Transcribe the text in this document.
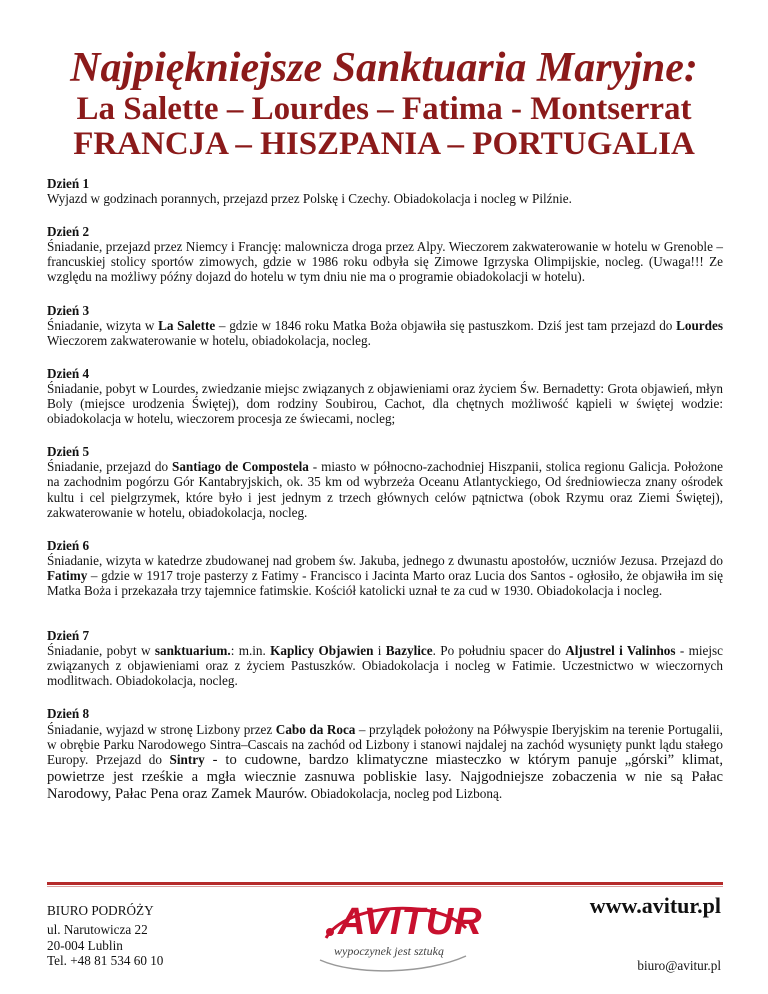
Najpiękniejsze Sanktuaria Maryjne:
La Salette – Lourdes – Fatima - Montserrat
FRANCJA – HISZPANIA – PORTUGALIA
Dzień 1

Wyjazd w godzinach porannych, przejazd przez Polskę i Czechy. Obiadokolacja i nocleg w Pilźnie.

Dzień 2

Śniadanie, przejazd przez Niemcy i Francję: malownicza droga przez Alpy. Wieczorem zakwaterowanie w hotelu w Grenoble – francuskiej stolicy sportów zimowych, gdzie w 1986 roku odbyła się Zimowe Igrzyska Olimpijskie, nocleg. (Uwaga!!! Ze względu na możliwy późny dojazd do hotelu w tym dniu nie ma o programie obiadokolacji w hotelu).

Dzień 3

Śniadanie, wizyta w La Salette – gdzie w 1846 roku Matka Boża objawiła się pastuszkom. Dziś jest tam przejazd do Lourdes Wieczorem zakwaterowanie w hotelu, obiadokolacja, nocleg.

Dzień 4

Śniadanie, pobyt w Lourdes, zwiedzanie miejsc związanych z objawieniami oraz życiem Św. Bernadetty: Grota objawień, młyn Boly (miejsce urodzenia Świętej), dom rodziny Soubirou, Cachot, dla chętnych możliwość kąpieli w świętej wodzie: obiadokolacja w hotelu, wieczorem procesja ze świecami, nocleg;

Dzień 5

Śniadanie, przejazd do Santiago de Compostela - miasto w północno-zachodniej Hiszpanii, stolica regionu Galicja. Położone na zachodnim pogórzu Gór Kantabryjskich, ok. 35 km od wybrzeża Oceanu Atlantyckiego, Od średniowiecza znany ośrodek kultu i cel pielgrzymek, które było i jest jednym z trzech głównych celów pątnictwa (obok Rzymu oraz Ziemi Świętej), zakwaterowanie w hotelu, obiadokolacja, nocleg.

Dzień 6

Śniadanie, wizyta w katedrze zbudowanej nad grobem św. Jakuba, jednego z dwunastu apostołów, uczniów Jezusa. Przejazd do Fatimy – gdzie w 1917 troje pasterzy z Fatimy - Francisco i Jacinta Marto oraz Lucia dos Santos - ogłosiło, że objawiła im się Matka Boża i przekazała trzy tajemnice fatimskie. Kościół katolicki uznał te za cud w 1930. Obiadokolacja i nocleg.

Dzień 7

Śniadanie, pobyt w sanktuarium.: m.in. Kaplicy Objawien i Bazylice. Po południu spacer do Aljustrel i Valinhos - miejsc związanych z objawieniami oraz z życiem Pastuszków. Obiadokolacja i nocleg w Fatimie. Uczestnictwo w wieczornych modlitwach. Obiadokolacja, nocleg.

Dzień 8

Śniadanie, wyjazd w stronę Lizbony przez Cabo da Roca – przylądek położony na Półwyspie Iberyjskim na terenie Portugalii, w obrębie Parku Narodowego Sintra–Cascais na zachód od Lizbony i stanowi najdalej na zachód wysunięty punkt lądu stałego Europy. Przejazd do Sintry - to cudowne, bardzo klimatyczne miasteczko w którym panuje „górski” klimat, powietrze jest rześkie a mgła wiecznie zasnuwa pobliskie lasy. Najgodniejsze zobaczenia w nie są Pałac Narodowy, Pałac Pena oraz Zamek Maurów. Obiadokolacja, nocleg pod Lizboną.

BIURO PODRÓŻY
ul. Narutowicza 22
20-004 Lublin
Tel. +48 81 534 60 10
AVITUR
wypoczynek jest sztuką
www.avitur.pl
biuro@avitur.pl
